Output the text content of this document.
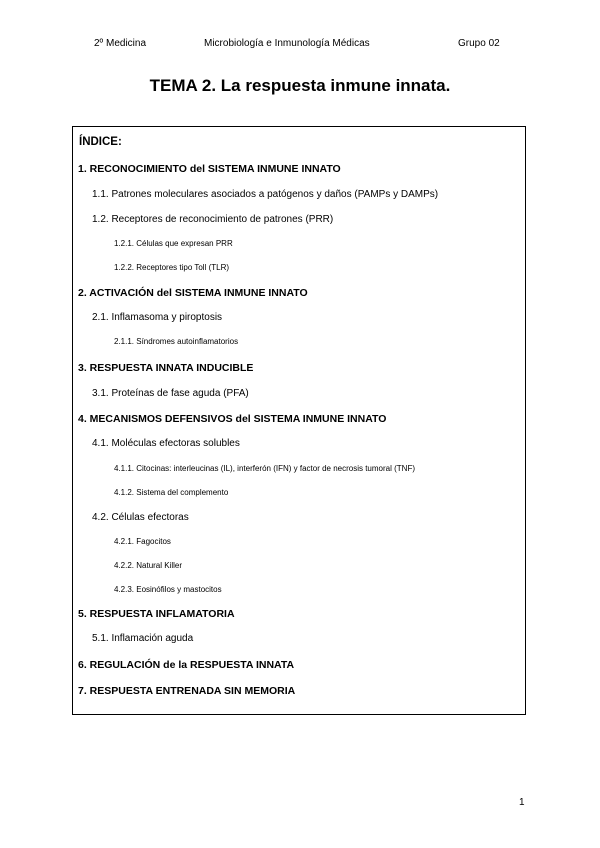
2º Medicina	Microbiología e Inmunología Médicas	Grupo 02
TEMA 2. La respuesta inmune innata.
ÍNDICE:
1. RECONOCIMIENTO del SISTEMA INMUNE INNATO
1.1. Patrones moleculares asociados a patógenos y daños (PAMPs y DAMPs)
1.2. Receptores de reconocimiento de patrones (PRR)
1.2.1. Células que expresan PRR
1.2.2. Receptores tipo Toll (TLR)
2. ACTIVACIÓN del SISTEMA INMUNE INNATO
2.1. Inflamasoma y piroptosis
2.1.1. Síndromes autoinflamatorios
3. RESPUESTA INNATA INDUCIBLE
3.1. Proteínas de fase aguda (PFA)
4. MECANISMOS DEFENSIVOS del SISTEMA INMUNE INNATO
4.1. Moléculas efectoras solubles
4.1.1. Citocinas: interleucinas (IL), interferón (IFN) y factor de necrosis tumoral (TNF)
4.1.2. Sistema del complemento
4.2. Células efectoras
4.2.1. Fagocitos
4.2.2. Natural Killer
4.2.3. Eosinófilos y mastocitos
5. RESPUESTA INFLAMATORIA
5.1. Inflamación aguda
6. REGULACIÓN de la RESPUESTA INNATA
7. RESPUESTA ENTRENADA SIN MEMORIA
1
